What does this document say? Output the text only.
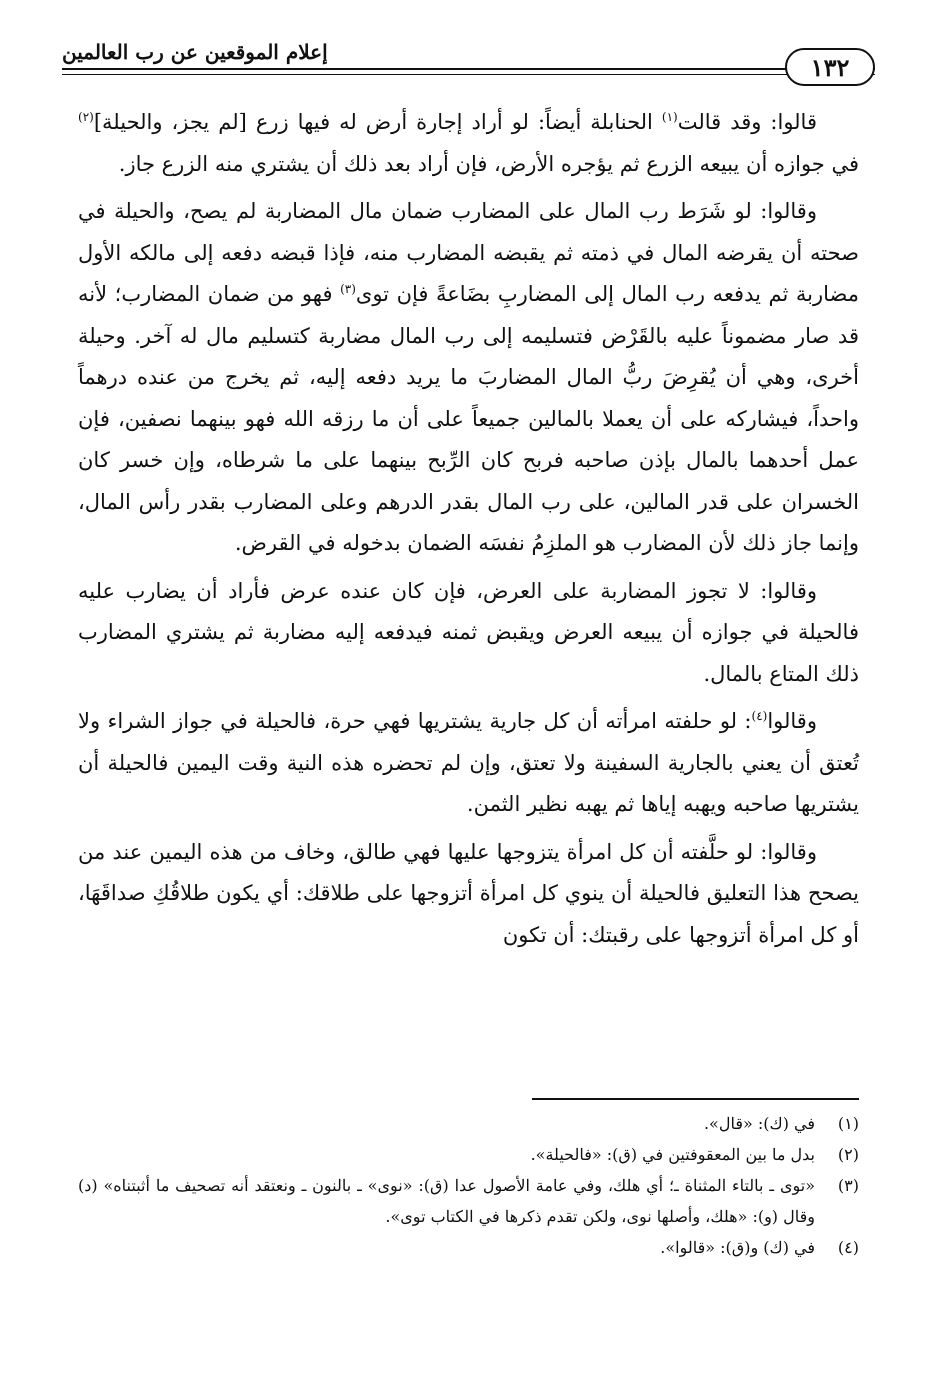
١٣٢
إعلام الموقعين عن رب العالمين

قالوا: وقد قالت$^{(١)}$ الحنابلة أيضاً: لو أراد إجارة أرض له فيها زرع [لم يجز، والحيلة]$^{(٢)}$ في جوازه أن يبيعه الزرع ثم يؤجره الأرض، فإن أراد بعد ذلك أن يشتري منه الزرع جاز.

وقالوا: لو شَرَط رب المال على المضارب ضمان مال المضاربة لم يصح، والحيلة في صحته أن يقرضه المال في ذمته ثم يقبضه المضارب منه، فإذا قبضه دفعه إلى مالكه الأول مضاربة ثم يدفعه رب المال إلى المضاربِ بضَاعةً فإن توى$^{(٣)}$ فهو من ضمان المضارب؛ لأنه قد صار مضموناً عليه بالقَرْض فتسليمه إلى رب المال مضاربة كتسليم مال له آخر. وحيلة أخرى، وهي أن يُقرِضَ ربُّ المال المضاربَ ما يريد دفعه إليه، ثم يخرج من عنده درهماً واحداً، فيشاركه على أن يعملا بالمالين جميعاً على أن ما رزقه الله فهو بينهما نصفين، فإن عمل أحدهما بالمال بإذن صاحبه فربح كان الرِّبح بينهما على ما شرطاه، وإن خسر كان الخسران على قدر المالين، على رب المال بقدر الدرهم وعلى المضارب بقدر رأس المال، وإنما جاز ذلك لأن المضارب هو الملزِمُ نفسَه الضمان بدخوله في القرض.

وقالوا: لا تجوز المضاربة على العرض، فإن كان عنده عرض فأراد أن يضارب عليه فالحيلة في جوازه أن يبيعه العرض ويقبض ثمنه فيدفعه إليه مضاربة ثم يشتري المضارب ذلك المتاع بالمال.

وقالوا$^{(٤)}$: لو حلفته امرأته أن كل جارية يشتريها فهي حرة، فالحيلة في جواز الشراء ولا تُعتق أن يعني بالجارية السفينة ولا تعتق، وإن لم تحضره هذه النية وقت اليمين فالحيلة أن يشتريها صاحبه ويهبه إياها ثم يهبه نظير الثمن.

وقالوا: لو حلَّفته أن كل امرأة يتزوجها عليها فهي طالق، وخاف من هذه اليمين عند من يصحح هذا التعليق فالحيلة أن ينوي كل امرأة أتزوجها على طلاقك: أي يكون طلاقُكِ صداقَهَا، أو كل امرأة أتزوجها على رقبتك: أن تكون

(١)
في (ك): «قال».
(٢)
بدل ما بين المعقوفتين في (ق): «فالحيلة».
(٣)
«توى ـ بالتاء المثناة ـ؛ أي هلك، وفي عامة الأصول عدا (ق): «نوى» ـ بالنون ـ ونعتقد أنه تصحيف ما أثبتناه» (د) وقال (و): «هلك، وأصلها نوى، ولكن تقدم ذكرها في الكتاب توى».
(٤)
في (ك) و(ق): «قالوا».
